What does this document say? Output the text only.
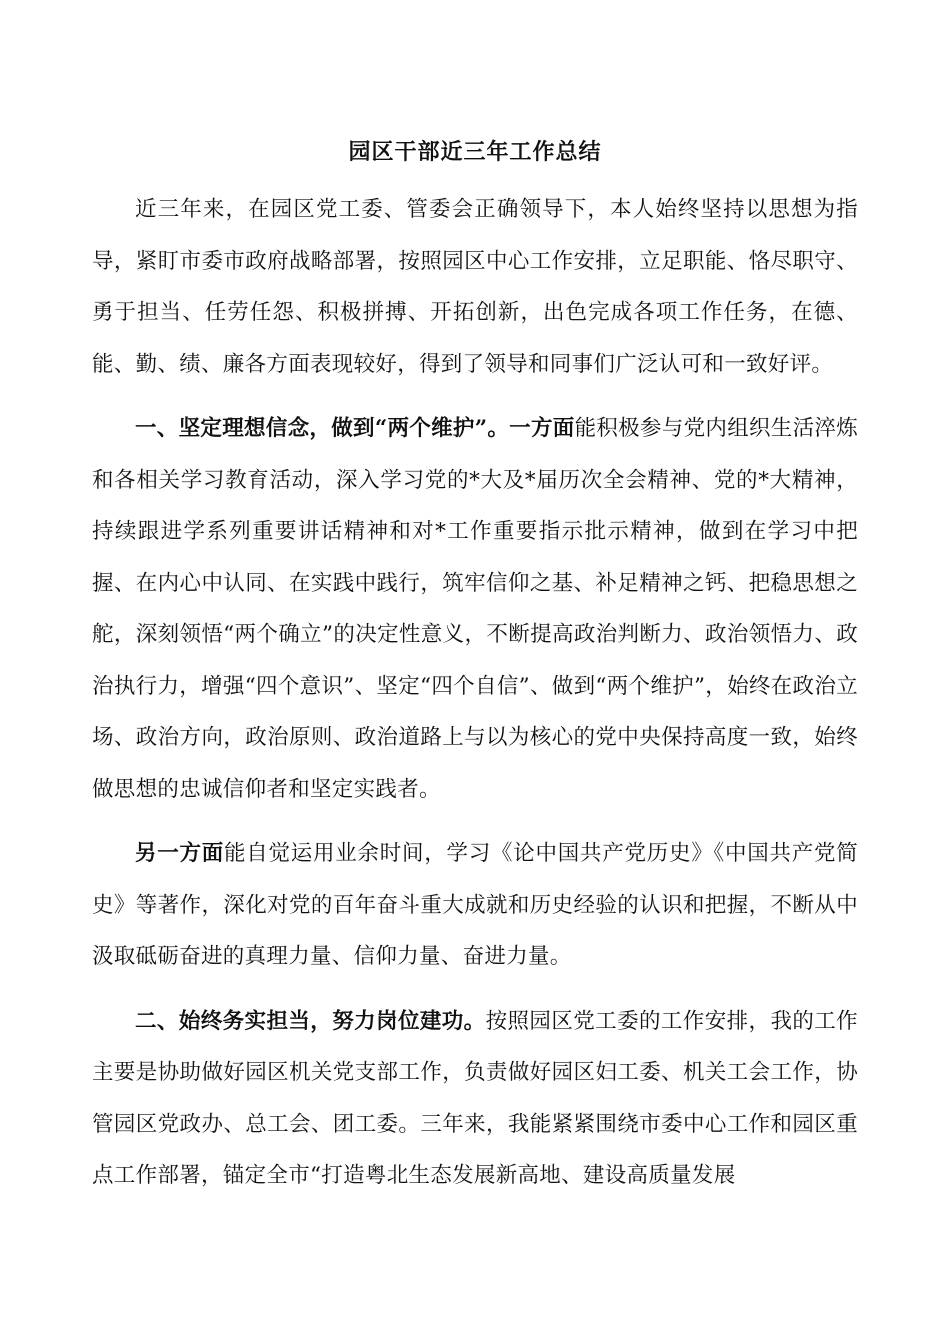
园区干部近三年工作总结

近三年来，在园区党工委、管委会正确领导下，本人始终坚持以思想为指导，紧盯市委市政府战略部署，按照园区中心工作安排，立足职能、恪尽职守、勇于担当、任劳任怨、积极拼搏、开拓创新，出色完成各项工作任务，在德、能、勤、绩、廉各方面表现较好，得到了领导和同事们广泛认可和一致好评。

一、坚定理想信念，做到“两个维护”。一方面能积极参与党内组织生活淬炼和各相关学习教育活动，深入学习党的*大及*届历次全会精神、党的*大精神，持续跟进学系列重要讲话精神和对*工作重要指示批示精神，做到在学习中把握、在内心中认同、在实践中践行，筑牢信仰之基、补足精神之钙、把稳思想之舵，深刻领悟“两个确立”的决定性意义，不断提高政治判断力、政治领悟力、政治执行力，增强“四个意识”、坚定“四个自信”、做到“两个维护”，始终在政治立场、政治方向，政治原则、政治道路上与以为核心的党中央保持高度一致，始终做思想的忠诚信仰者和坚定实践者。

另一方面能自觉运用业余时间，学习《论中国共产党历史》《中国共产党简史》等著作，深化对党的百年奋斗重大成就和历史经验的认识和把握，不断从中汲取砥砺奋进的真理力量、信仰力量、奋进力量。

二、始终务实担当，努力岗位建功。按照园区党工委的工作安排，我的工作主要是协助做好园区机关党支部工作，负责做好园区妇工委、机关工会工作，协管园区党政办、总工会、团工委。三年来，我能紧紧围绕市委中心工作和园区重点工作部署，锚定全市“打造粤北生态发展新高地、建设高质量发展
